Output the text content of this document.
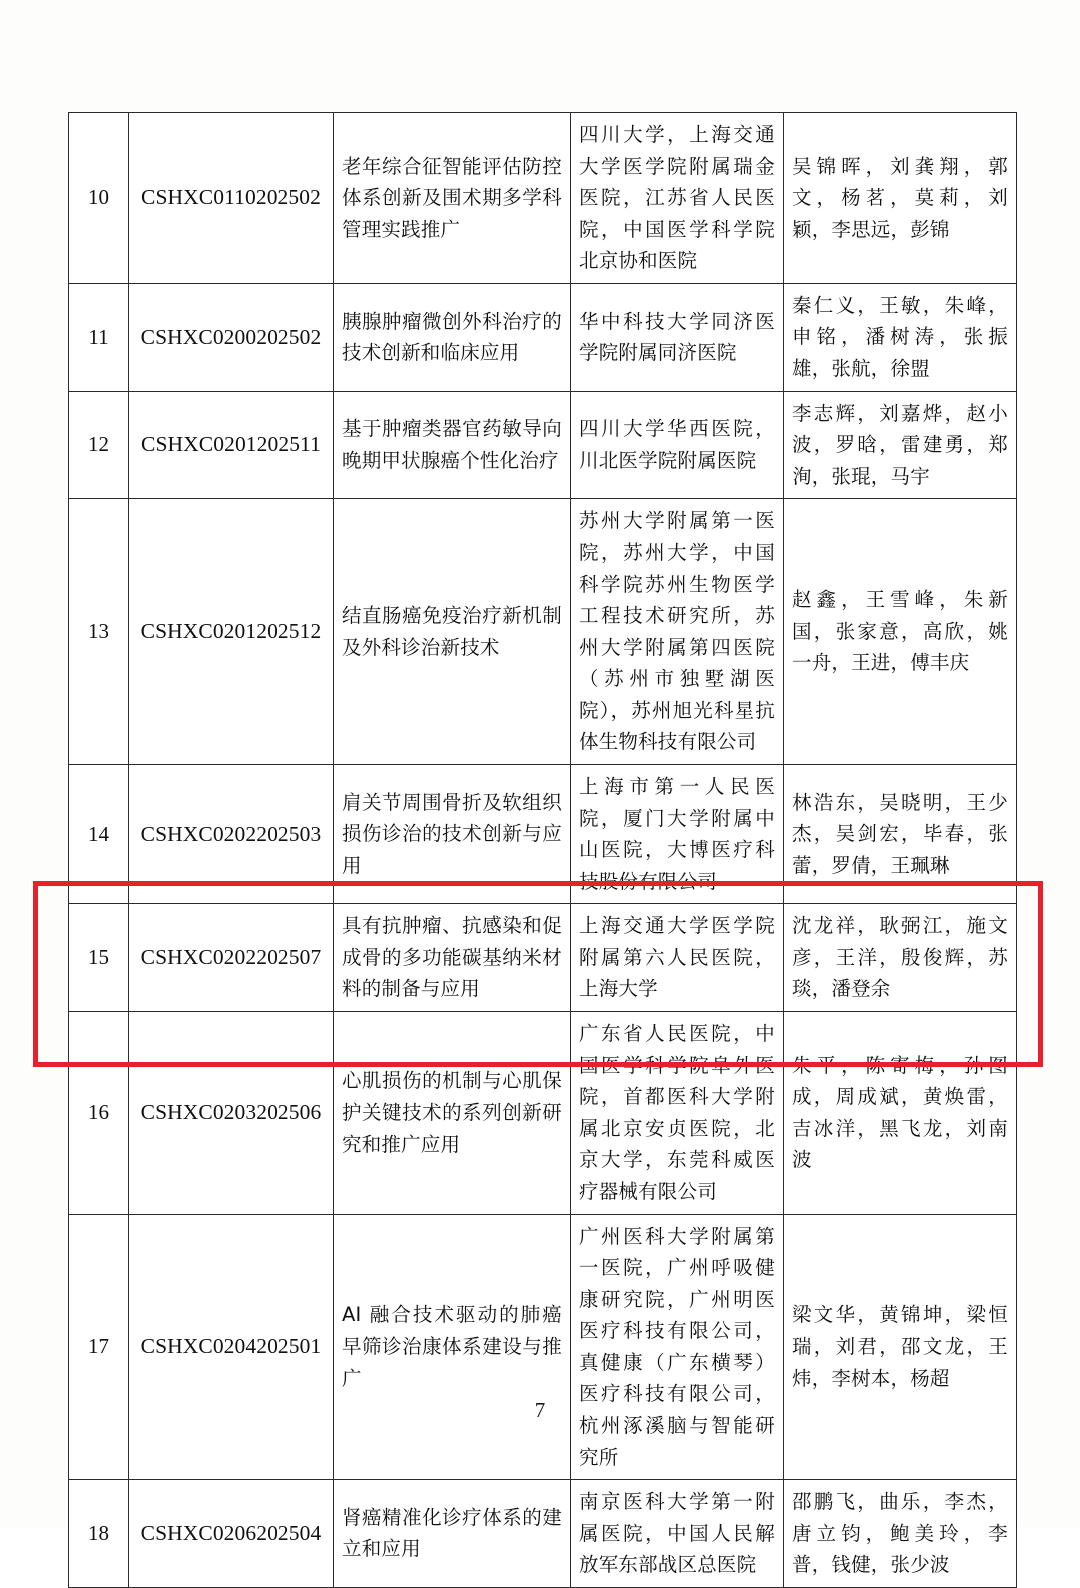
10	CSHXC0110202502	老年综合征智能评估防控体系创新及围术期多学科管理实践推广	四川大学，上海交通大学医学院附属瑞金医院，江苏省人民医院，中国医学科学院北京协和医院	吴锦晖，刘龚翔，郭文，杨茗，莫莉，刘颖，李思远，彭锦
11	CSHXC0200202502	胰腺肿瘤微创外科治疗的技术创新和临床应用	华中科技大学同济医学院附属同济医院	秦仁义，王敏，朱峰，申铭，潘树涛，张振雄，张航，徐盟
12	CSHXC0201202511	基于肿瘤类器官药敏导向晚期甲状腺癌个性化治疗	四川大学华西医院，川北医学院附属医院	李志辉，刘嘉烨，赵小波，罗晗，雷建勇，郑洵，张琨，马宇
13	CSHXC0201202512	结直肠癌免疫治疗新机制及外科诊治新技术	苏州大学附属第一医院，苏州大学，中国科学院苏州生物医学工程技术研究所，苏州大学附属第四医院（苏州市独墅湖医院），苏州旭光科星抗体生物科技有限公司	赵鑫，王雪峰，朱新国，张家意，高欣，姚一舟，王进，傅丰庆
14	CSHXC0202202503	肩关节周围骨折及软组织损伤诊治的技术创新与应用	上海市第一人民医院，厦门大学附属中山医院，大博医疗科技股份有限公司	林浩东，吴晓明，王少杰，吴剑宏，毕春，张蕾，罗倩，王珮琳
15	CSHXC0202202507	具有抗肿瘤、抗感染和促成骨的多功能碳基纳米材料的制备与应用	上海交通大学医学院附属第六人民医院，上海大学	沈龙祥，耿弼江，施文彦，王洋，殷俊辉，苏琰，潘登余
16	CSHXC0203202506	心肌损伤的机制与心肌保护关键技术的系列创新研究和推广应用	广东省人民医院，中国医学科学院阜外医院，首都医科大学附属北京安贞医院，北京大学，东莞科威医疗器械有限公司	朱平，陈寄梅，孙图成，周成斌，黄焕雷，吉冰洋，黑飞龙，刘南波
17	CSHXC0204202501	AI 融合技术驱动的肺癌早筛诊治康体系建设与推广	广州医科大学附属第一医院，广州呼吸健康研究院，广州明医医疗科技有限公司，真健康（广东横琴）医疗科技有限公司，杭州涿溪脑与智能研究所	梁文华，黄锦坤，梁恒瑞，刘君，邵文龙，王炜，李树本，杨超
18	CSHXC0206202504	肾癌精准化诊疗体系的建立和应用	南京医科大学第一附属医院，中国人民解放军东部战区总医院	邵鹏飞，曲乐，李杰，唐立钧，鲍美玲，李普，钱健，张少波
7
